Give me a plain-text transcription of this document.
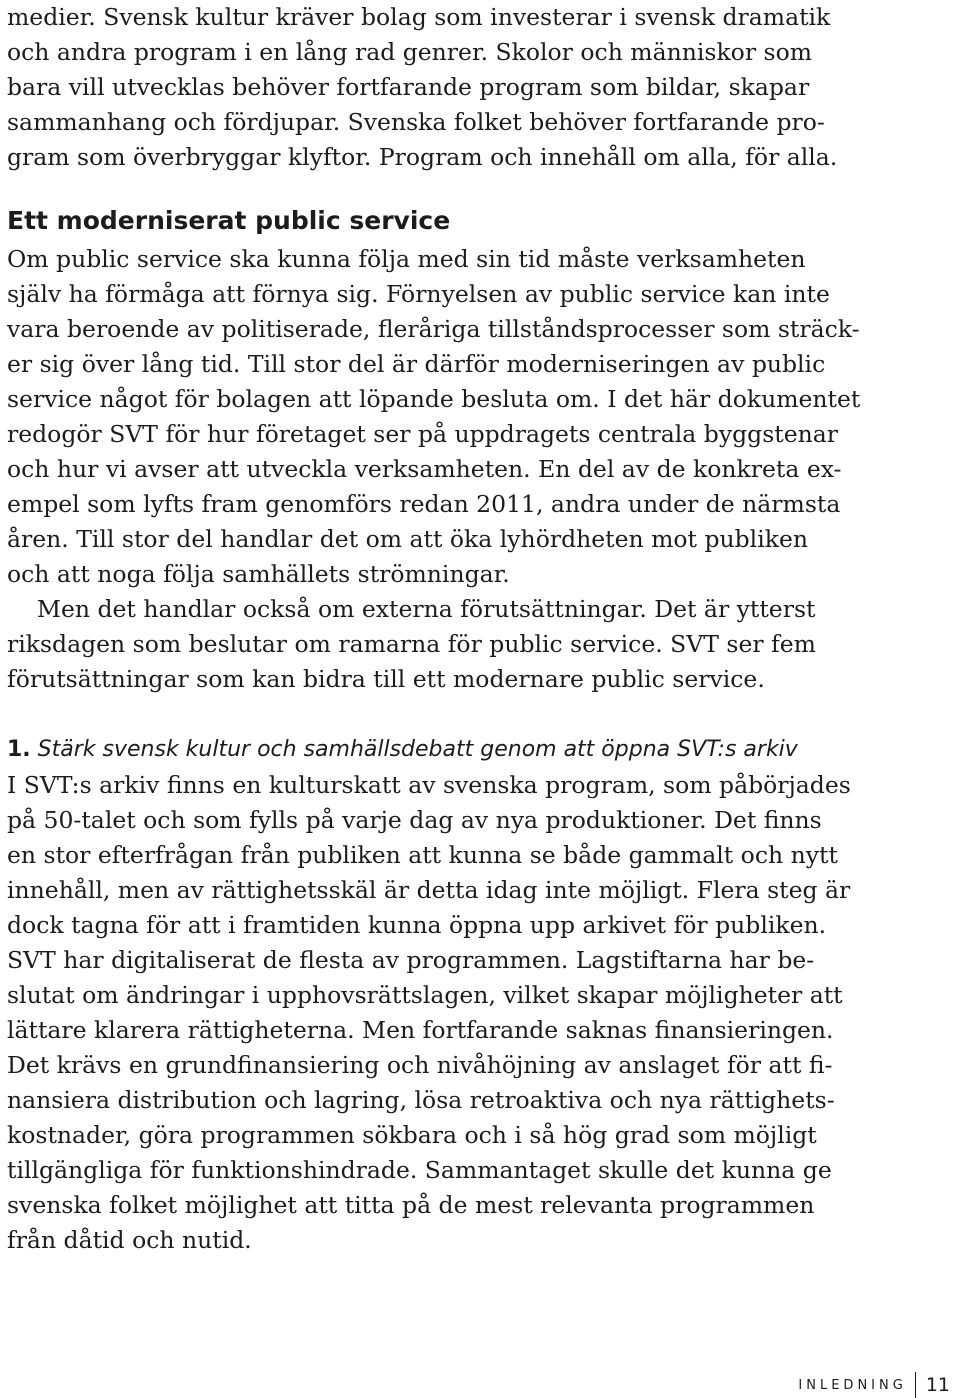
medier. Svensk kultur kräver bolag som investerar i svensk dramatik
och andra program i en lång rad genrer. Skolor och människor som
bara vill utvecklas behöver fortfarande program som bildar, skapar
sammanhang och fördjupar. Svenska folket behöver fortfarande pro-
gram som överbryggar klyftor. Program och innehåll om alla, för alla.
Ett moderniserat public service
Om public service ska kunna följa med sin tid måste verksamheten
själv ha förmåga att förnya sig. Förnyelsen av public service kan inte
vara beroende av politiserade, fleråriga tillståndsprocesser som sträck-
er sig över lång tid. Till stor del är därför moderniseringen av public
service något för bolagen att löpande besluta om. I det här dokumentet
redogör SVT för hur företaget ser på uppdragets centrala byggstenar
och hur vi avser att utveckla verksamheten. En del av de konkreta ex-
empel som lyfts fram genomförs redan 2011, andra under de närmsta
åren. Till stor del handlar det om att öka lyhördheten mot publiken
och att noga följa samhällets strömningar.
Men det handlar också om externa förutsättningar. Det är ytterst
riksdagen som beslutar om ramarna för public service. SVT ser fem
förutsättningar som kan bidra till ett modernare public service.
1. Stärk svensk kultur och samhällsdebatt genom att öppna SVT:s arkiv
I SVT:s arkiv finns en kulturskatt av svenska program, som påbörjades
på 50-talet och som fylls på varje dag av nya produktioner. Det finns
en stor efterfrågan från publiken att kunna se både gammalt och nytt
innehåll, men av rättighetsskäl är detta idag inte möjligt. Flera steg är
dock tagna för att i framtiden kunna öppna upp arkivet för publiken.
SVT har digitaliserat de flesta av programmen. Lagstiftarna har be-
slutat om ändringar i upphovsrättslagen, vilket skapar möjligheter att
lättare klarera rättigheterna. Men fortfarande saknas finansieringen.
Det krävs en grundfinansiering och nivåhöjning av anslaget för att fi-
nansiera distribution och lagring, lösa retroaktiva och nya rättighets-
kostnader, göra programmen sökbara och i så hög grad som möjligt
tillgängliga för funktionshindrade. Sammantaget skulle det kunna ge
svenska folket möjlighet att titta på de mest relevanta programmen
från dåtid och nutid.
INLEDNING 11
